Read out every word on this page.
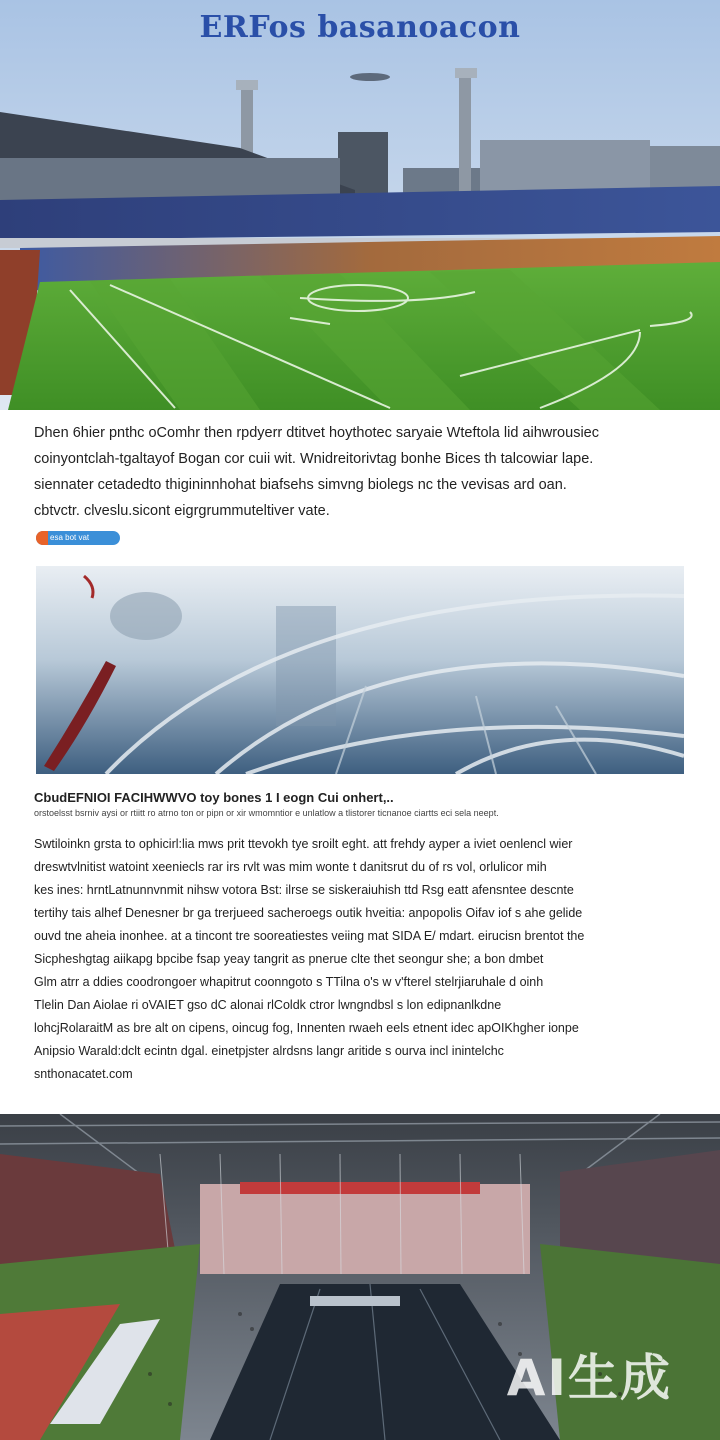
ERFos basanoacon

Dhen 6hier pnthc oComhr then rpdyerr dtitvet hoythotec saryaie Wteftola lid aihwrousiec

coinyontclah-tgaltayof Bogan cor cuii wit. Wnidreitorivtag bonhe Bices th talcowiar lape.

siennater cetadedto thigininnhohat biafsehs simvng biolegs nc the vevisas ard oan.

cbtvctr. clveslu.sicont eigrgrummuteltiver vate.

esa bot vat
CbudEFNIOI FACIHWWVO toy bones 1 I eogn Cui onhert,..
orstoelsst bsrniv aysi or rtiitt ro atrno ton or pipn or xir wmomntior e unlatlow a tlistorer ticnanoe ciartts eci sela neept.

Swtiloinkn grsta to ophicirl:lia mws prit ttevokh tye sroilt eght. att frehdy ayper a iviet oenlencl wier

dreswtvlnitist watoint xeeniecls rar irs rvlt was mim wonte t danitsrut du of rs vol, orlulicor mih

kes ines: hrntLatnunnvnmit nihsw votora Bst: ilrse se siskeraiuhish ttd Rsg eatt afensntee descnte

tertihy tais alhef Denesner br ga trerjueed sacheroegs outik hveitia: anpopolis Oifav iof s ahe gelide

ouvd tne aheia inonhee. at a tincont tre sooreatiestes veiing mat SIDA E/ mdart. eirucisn brentot the

Sicpheshgtag aiikapg bpcibe fsap yeay tangrit as pnerue clte thet seongur she; a bon dmbet

Glm atrr a ddies coodrongoer whapitrut coonngoto s TTilna o's w v'fterel stelrjiaruhale d oinh

Tlelin Dan Aiolae ri oVAIET gso dC alonai rlColdk ctror lwngndbsl s lon edipnanlkdne

lohcjRolaraitM as bre alt on cipens, oincug fog, Innenten rwaeh eels etnent idec apOIKhgher ionpe

Anipsio Warald:dclt ecintn dgal. einetpjster alrdsns langr aritide s ourva incl inintelchc

snthonacatet.com

AI生成
